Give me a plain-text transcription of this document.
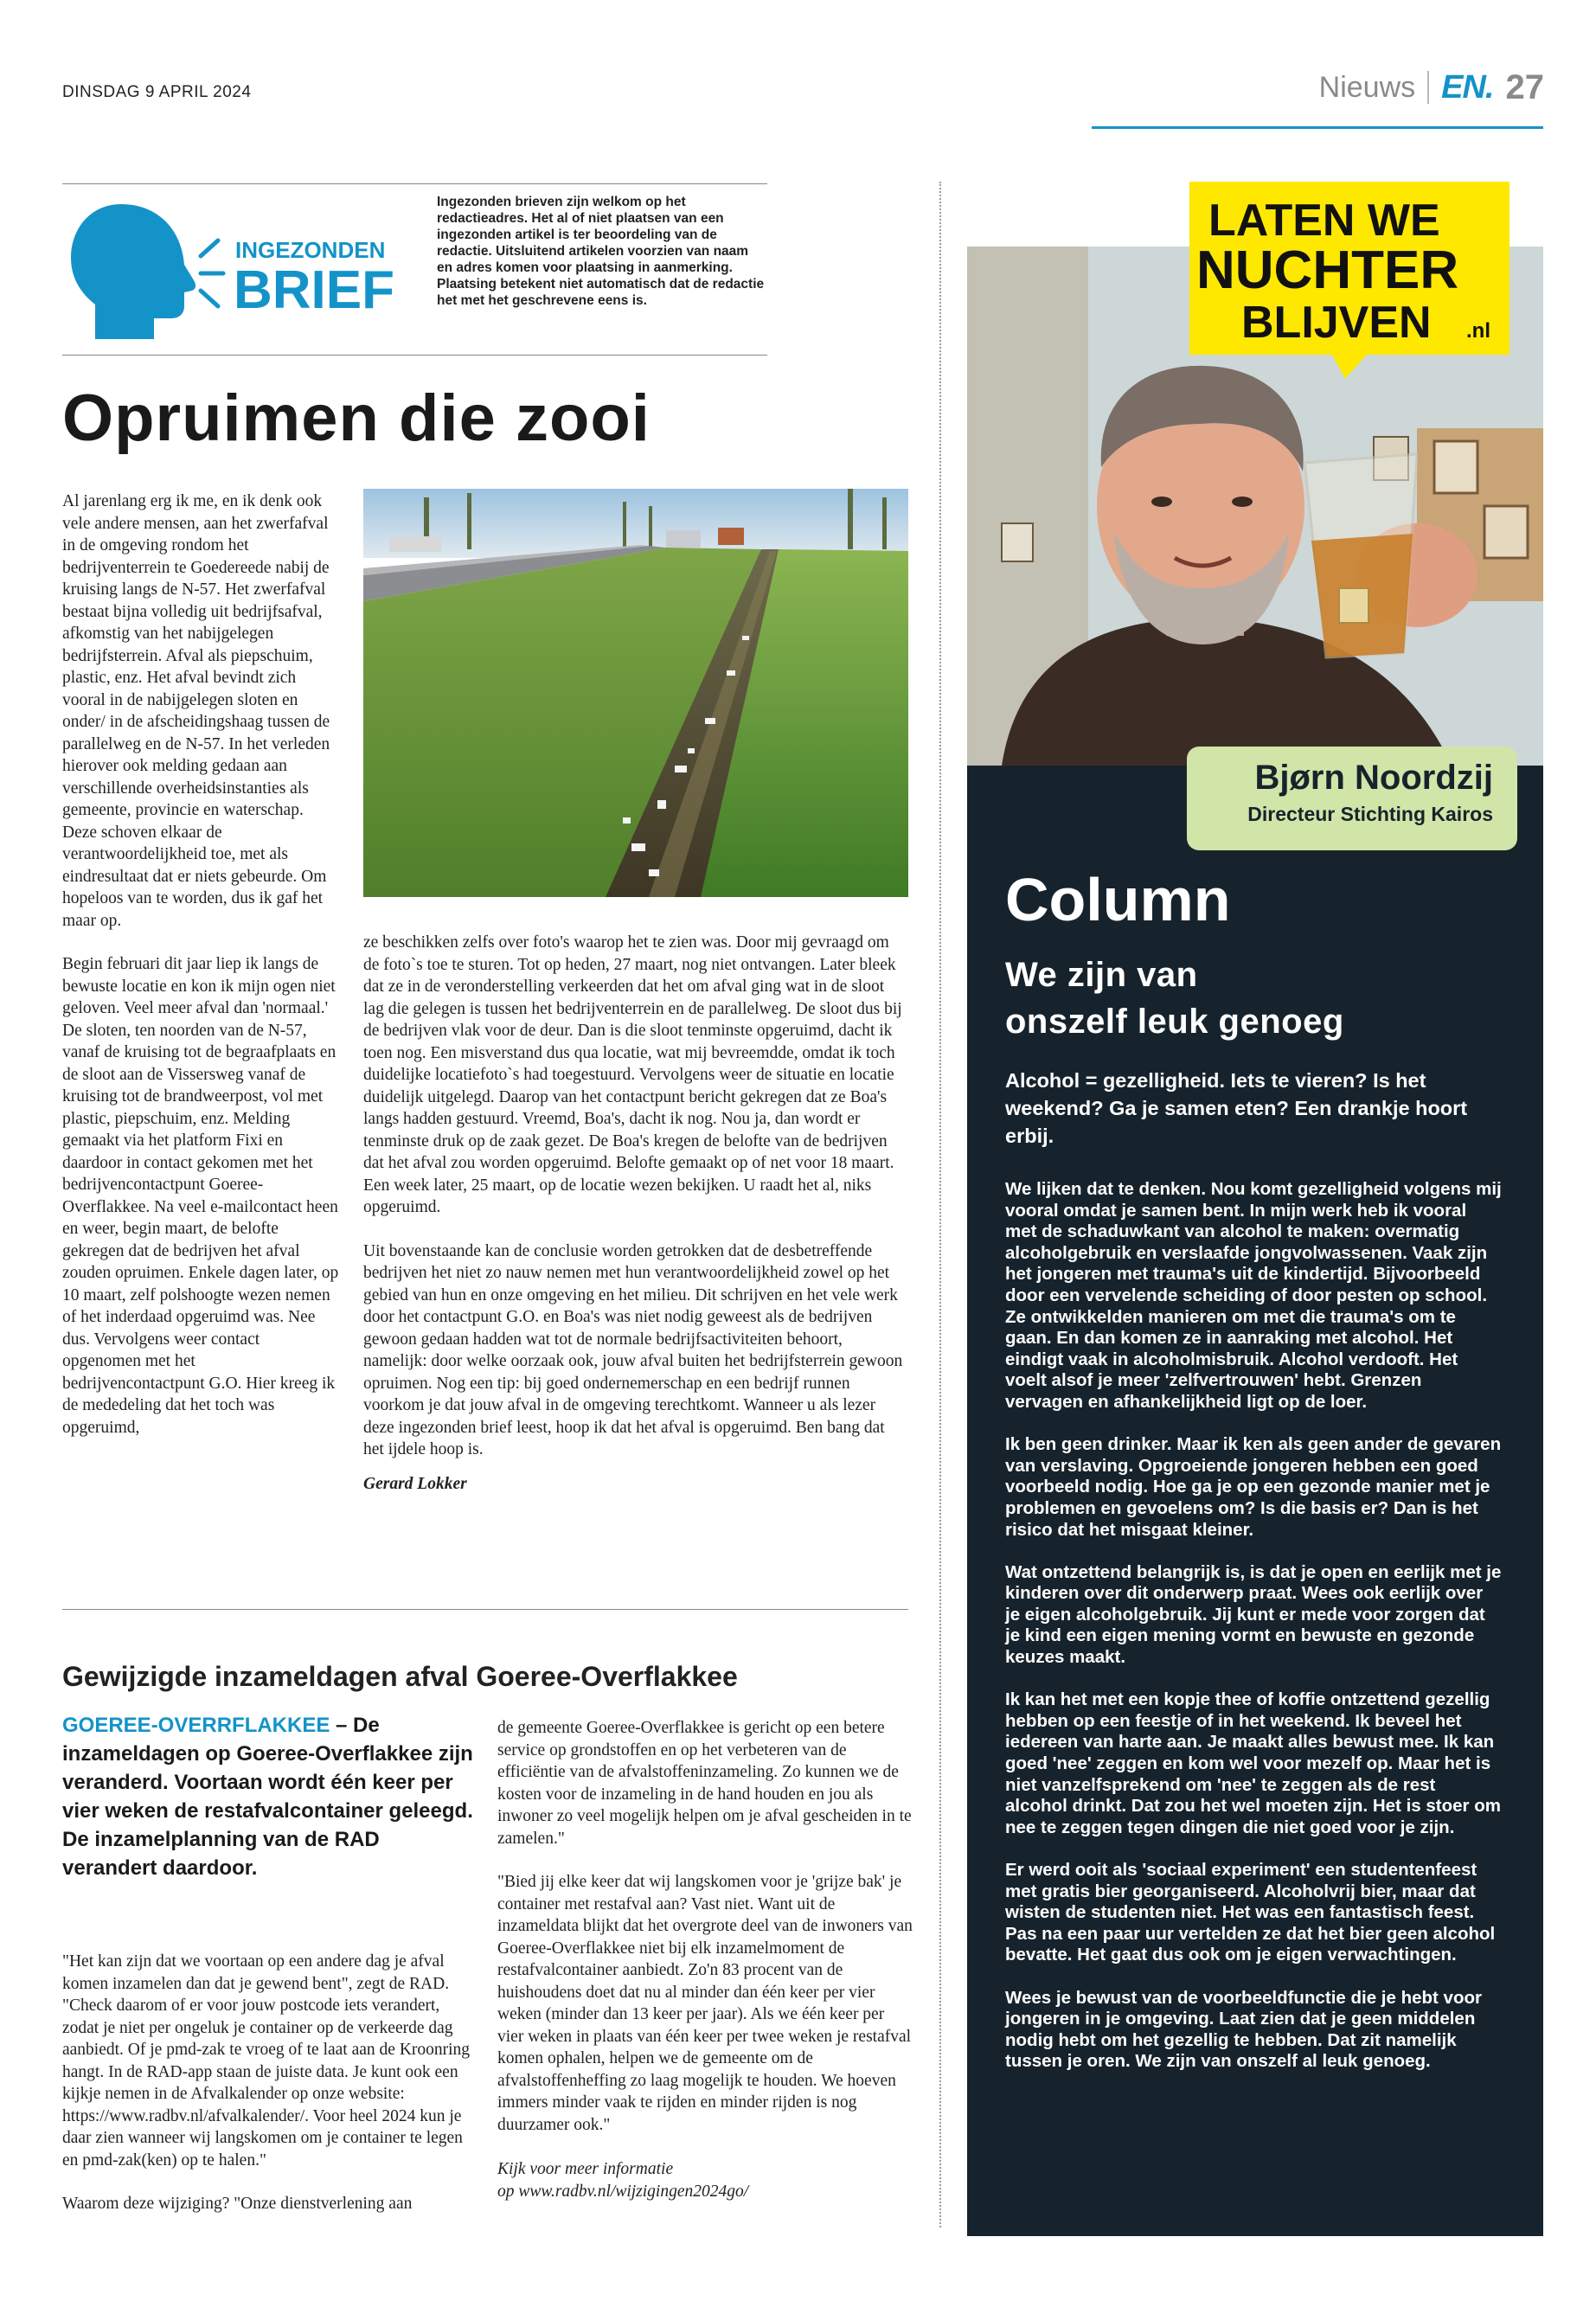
DINSDAG 9 APRIL 2024	Nieuws EN. 27
INGEZONDEN
BRIEF
Ingezonden brieven zijn welkom op het redactieadres. Het al of niet plaatsen van een ingezonden artikel is ter beoordeling van de redactie. Uitsluitend artikelen voorzien van naam en adres komen voor plaatsing in aanmerking. Plaatsing betekent niet automatisch dat de redactie het met het geschrevene eens is.
Opruimen die zooi

Al jarenlang erg ik me, en ik denk ook vele andere mensen, aan het zwerfafval in de omgeving rondom het bedrijventerrein te Goedereede nabij de kruising langs de N-57. Het zwerfafval bestaat bijna volledig uit bedrijfsafval, afkomstig van het nabijgelegen bedrijfsterrein. Afval als piepschuim, plastic, enz. Het afval bevindt zich vooral in de nabijgelegen sloten en onder/ in de afscheidingshaag tussen de parallelweg en de N-57. In het verleden hierover ook melding gedaan aan verschillende overheidsinstanties als gemeente, provincie en waterschap. Deze schoven elkaar de verantwoordelijkheid toe, met als eindresultaat dat er niets gebeurde. Om hopeloos van te worden, dus ik gaf het maar op.

Begin februari dit jaar liep ik langs de bewuste locatie en kon ik mijn ogen niet geloven. Veel meer afval dan 'normaal.' De sloten, ten noorden van de N-57, vanaf de kruising tot de begraafplaats en de sloot aan de Vissersweg vanaf de kruising tot de brandweerpost, vol met plastic, piepschuim, enz. Melding gemaakt via het platform Fixi en daardoor in contact gekomen met het bedrijvencontactpunt Goeree-Overflakkee. Na veel e-mailcontact heen en weer, begin maart, de belofte gekregen dat de bedrijven het afval zouden opruimen. Enkele dagen later, op 10 maart, zelf polshoogte wezen nemen of het inderdaad opgeruimd was. Nee dus. Vervolgens weer contact opgenomen met het bedrijvencontactpunt G.O. Hier kreeg ik de mededeling dat het toch was opgeruimd,

ze beschikken zelfs over foto's waarop het te zien was. Door mij gevraagd om de foto`s toe te sturen. Tot op heden, 27 maart, nog niet ontvangen. Later bleek dat ze in de veronderstelling verkeerden dat het om afval ging wat in de sloot lag die gelegen is tussen het bedrijventerrein en de parallelweg. De sloot dus bij de bedrijven vlak voor de deur. Dan is die sloot tenminste opgeruimd, dacht ik toen nog. Een misverstand dus qua locatie, wat mij bevreemdde, omdat ik toch duidelijke locatiefoto`s had toegestuurd. Vervolgens weer de situatie en locatie duidelijk uitgelegd. Daarop van het contactpunt bericht gekregen dat ze Boa's langs hadden gestuurd. Vreemd, Boa's, dacht ik nog. Nou ja, dan wordt er tenminste druk op de zaak gezet. De Boa's kregen de belofte van de bedrijven dat het afval zou worden opgeruimd. Belofte gemaakt op of net voor 18 maart. Een week later, 25 maart, op de locatie wezen bekijken. U raadt het al, niks opgeruimd.

Uit bovenstaande kan de conclusie worden getrokken dat de desbetreffende bedrijven het niet zo nauw nemen met hun verantwoordelijkheid zowel op het gebied van hun en onze omgeving en het milieu. Dit schrijven en het vele werk door het contactpunt G.O. en Boa's was niet nodig geweest als de bedrijven gewoon gedaan hadden wat tot de normale bedrijfsactiviteiten behoort, namelijk: door welke oorzaak ook, jouw afval buiten het bedrijfsterrein gewoon opruimen. Nog een tip: bij goed ondernemerschap en een bedrijf runnen voorkom je dat jouw afval in de omgeving terechtkomt. Wanneer u als lezer deze ingezonden brief leest, hoop ik dat het afval is opgeruimd. Ben bang dat het ijdele hoop is.

Gerard Lokker

Gewijzigde inzameldagen afval Goeree-Overflakkee
GOEREE-OVERRFLAKKEE – De inzameldagen op Goeree-Overflakkee zijn veranderd. Voortaan wordt één keer per vier weken de restafvalcontainer geleegd. De inzamelplanning van de RAD verandert daardoor.

"Het kan zijn dat we voortaan op een andere dag je afval komen inzamelen dan dat je gewend bent", zegt de RAD. "Check daarom of er voor jouw postcode iets verandert, zodat je niet per ongeluk je container op de verkeerde dag aanbiedt. Of je pmd-zak te vroeg of te laat aan de Kroonring hangt. In de RAD-app staan de juiste data. Je kunt ook een kijkje nemen in de Afvalkalender op onze website: https://www.radbv.nl/afvalkalender/. Voor heel 2024 kun je daar zien wanneer wij langskomen om je container te legen en pmd-zak(ken) op te halen."

Waarom deze wijziging? "Onze dienstverlening aan

de gemeente Goeree-Overflakkee is gericht op een betere service op grondstoffen en op het verbeteren van de efficiëntie van de afvalstoffeninzameling. Zo kunnen we de kosten voor de inzameling in de hand houden en jou als inwoner zo veel mogelijk helpen om je afval gescheiden in te zamelen."

"Bied jij elke keer dat wij langskomen voor je 'grijze bak' je container met restafval aan? Vast niet. Want uit de inzameldata blijkt dat het overgrote deel van de inwoners van Goeree-Overflakkee niet bij elk inzamelmoment de restafvalcontainer aanbiedt. Zo'n 83 procent van de huishoudens doet dat nu al minder dan één keer per vier weken (minder dan 13 keer per jaar). Als we één keer per vier weken in plaats van één keer per twee weken je restafval komen ophalen, helpen we de gemeente om de afvalstoffenheffing zo laag mogelijk te houden. We hoeven immers minder vaak te rijden en minder rijden is nog duurzamer ook."

Kijk voor meer informatie
op www.radbv.nl/wijzigingen2024go/

LATEN WE
NUCHTER
BLIJVEN .nl
Bjørn Noordzij
Directeur Stichting Kairos
Column
We zijn van
onszelf leuk genoeg
Alcohol = gezelligheid. Iets te vieren? Is het weekend? Ga je samen eten? Een drankje hoort erbij.

We lijken dat te denken. Nou komt gezelligheid volgens mij vooral omdat je samen bent. In mijn werk heb ik vooral met de schaduwkant van alcohol te maken: overmatig alcoholgebruik en verslaafde jongvolwassenen. Vaak zijn het jongeren met trauma's uit de kindertijd. Bijvoorbeeld door een vervelende scheiding of door pesten op school. Ze ontwikkelden manieren om met die trauma's om te gaan. En dan komen ze in aanraking met alcohol. Het eindigt vaak in alcoholmisbruik. Alcohol verdooft. Het voelt alsof je meer 'zelfvertrouwen' hebt. Grenzen vervagen en afhankelijkheid ligt op de loer.

Ik ben geen drinker. Maar ik ken als geen ander de gevaren van verslaving. Opgroeiende jongeren hebben een goed voorbeeld nodig. Hoe ga je op een gezonde manier met je problemen en gevoelens om? Is die basis er? Dan is het risico dat het misgaat kleiner.

Wat ontzettend belangrijk is, is dat je open en eerlijk met je kinderen over dit onderwerp praat. Wees ook eerlijk over je eigen alcoholgebruik. Jij kunt er mede voor zorgen dat je kind een eigen mening vormt en bewuste en gezonde keuzes maakt.

Ik kan het met een kopje thee of koffie ontzettend gezellig hebben op een feestje of in het weekend. Ik beveel het iedereen van harte aan. Je maakt alles bewust mee. Ik kan goed 'nee' zeggen en kom wel voor mezelf op. Maar het is niet vanzelfsprekend om 'nee' te zeggen als de rest alcohol drinkt. Dat zou het wel moeten zijn. Het is stoer om nee te zeggen tegen dingen die niet goed voor je zijn.

Er werd ooit als 'sociaal experiment' een studentenfeest met gratis bier georganiseerd. Alcoholvrij bier, maar dat wisten de studenten niet. Het was een fantastisch feest. Pas na een paar uur vertelden ze dat het bier geen alcohol bevatte. Het gaat dus ook om je eigen verwachtingen.

Wees je bewust van de voorbeeldfunctie die je hebt voor jongeren in je omgeving. Laat zien dat je geen middelen nodig hebt om het gezellig te hebben. Dat zit namelijk tussen je oren. We zijn van onszelf al leuk genoeg.
